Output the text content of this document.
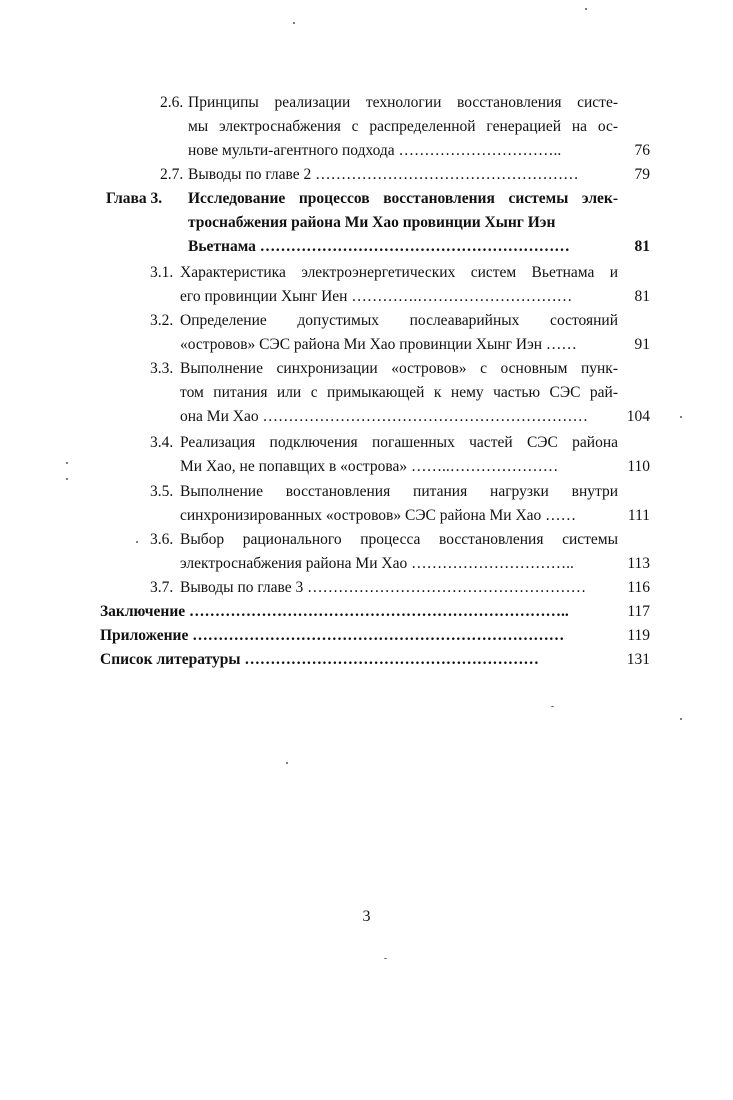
2.6. Принципы реализации технологии восстановления систе-
мы электроснабжения с распределенной генерацией на ос-
нове мульти-агентного подхода …………………………..	76
2.7. Выводы по главе 2 ……………………………………………	79
Глава 3. Исследование процессов восстановления системы элек-
троснабжения района Ми Хао провинции Хынг Иэн
Вьетнама ……………………………………………………	81
3.1. Характеристика электроэнергетических систем Вьетнама и
его провинции Хынг Иен ………….…………………………	81
3.2. Определение допустимых послеаварийных состояний
«островов» СЭС района Ми Хао провинции Хынг Иэн ……	91
3.3. Выполнение синхронизации «островов» с основным пунк-
том питания или с примыкающей к нему частью СЭС рай-
она Ми Хао ………………………………………………………	104
3.4. Реализация подключения погашенных частей СЭС района
Ми Хао, не попавщих в «острова» ……..…………………	110
3.5. Выполнение восстановления питания нагрузки внутри
синхронизированных «островов» СЭС района Ми Хао ……	111
3.6. Выбор рационального процесса восстановления системы
электроснабжения района Ми Хао …………………………..	113
3.7. Выводы по главе 3 ………………………………………………	116
Заключение ………………………………………………………………..	117
Приложение ………………………………………………………………	119
Список литературы …………………………………………………	131
3
